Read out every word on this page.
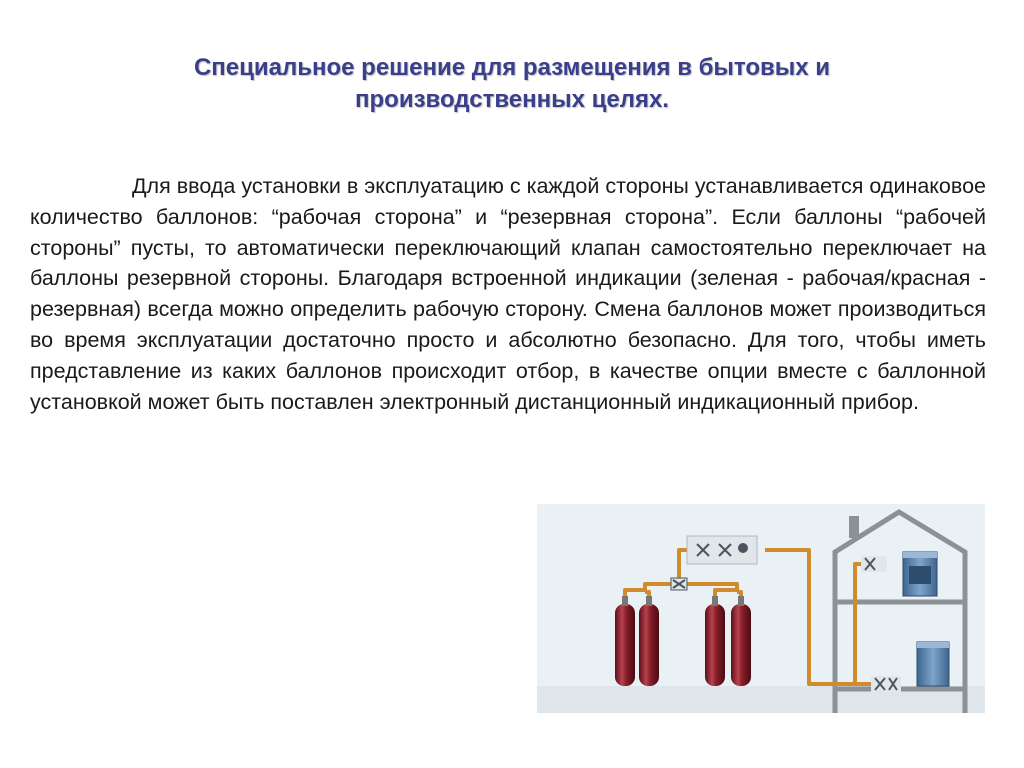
Специальное решение для размещения в бытовых и производственных целях.

Для ввода установки в эксплуатацию с каждой стороны устанавливается одинаковое количество баллонов: “рабочая сторона” и “резервная сторона”. Если баллоны “рабочей стороны” пусты, то автоматически переключающий клапан самостоятельно переключает на баллоны резервной стороны. Благодаря встроенной индикации (зеленая - рабочая/красная - резервная) всегда можно определить рабочую сторону. Смена баллонов может производиться во время эксплуатации достаточно просто и абсолютно безопасно. Для того, чтобы иметь представление из каких баллонов происходит отбор, в качестве опции вместе с баллонной установкой может быть поставлен электронный дистанционный индикационный прибор.
